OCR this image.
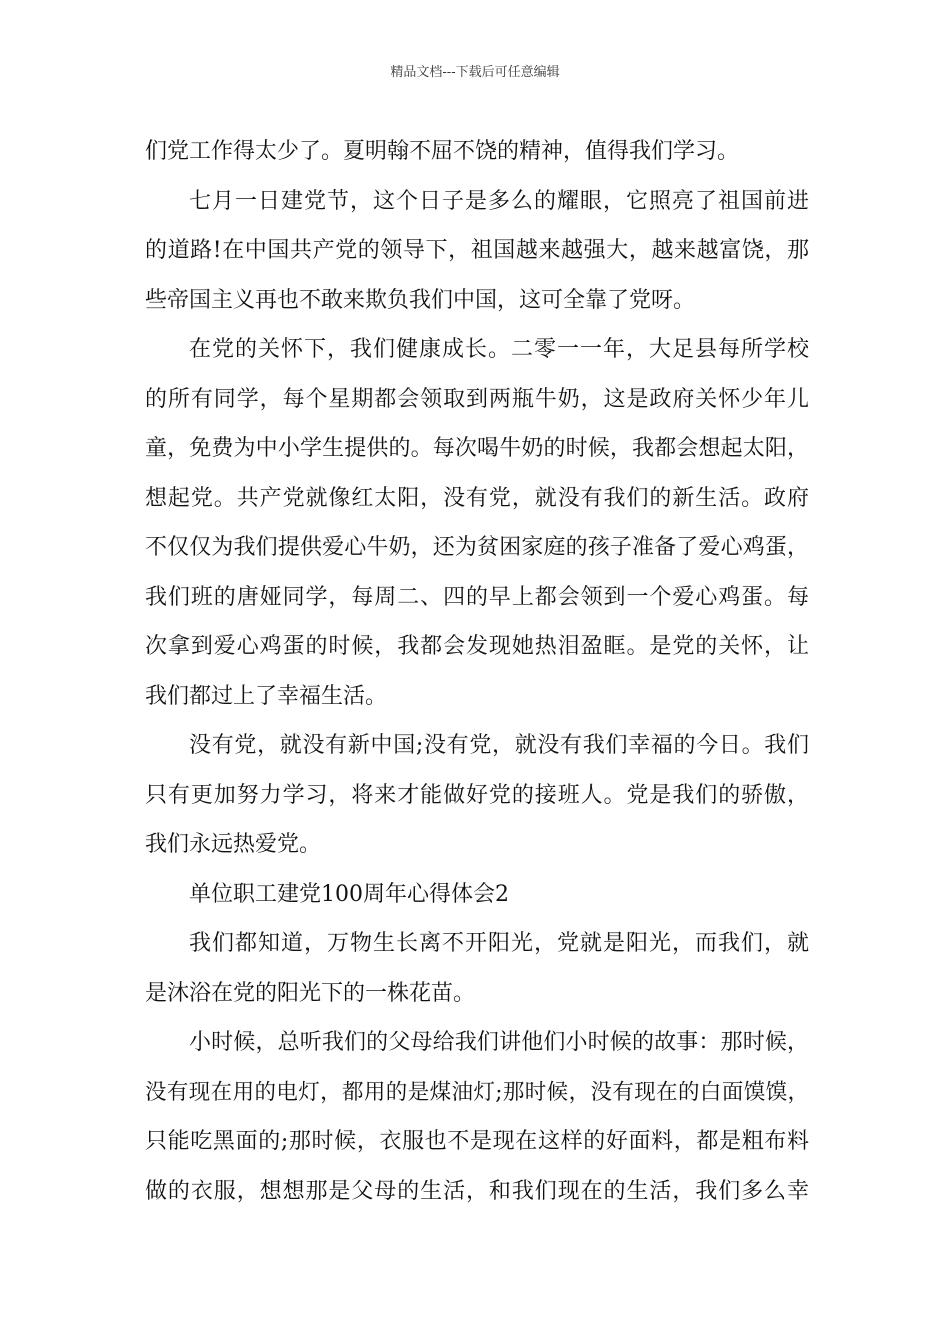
精品文档---下载后可任意编辑
们党工作得太少了。夏明翰不屈不饶的精神，值得我们学习。
七月一日建党节，这个日子是多么的耀眼，它照亮了祖国前进
的道路!在中国共产党的领导下，祖国越来越强大，越来越富饶，那
些帝国主义再也不敢来欺负我们中国，这可全靠了党呀。
在党的关怀下，我们健康成长。二零一一年，大足县每所学校
的所有同学，每个星期都会领取到两瓶牛奶，这是政府关怀少年儿
童，免费为中小学生提供的。每次喝牛奶的时候，我都会想起太阳，
想起党。共产党就像红太阳，没有党，就没有我们的新生活。政府
不仅仅为我们提供爱心牛奶，还为贫困家庭的孩子准备了爱心鸡蛋，
我们班的唐娅同学，每周二、四的早上都会领到一个爱心鸡蛋。每
次拿到爱心鸡蛋的时候，我都会发现她热泪盈眶。是党的关怀，让
我们都过上了幸福生活。
没有党，就没有新中国;没有党，就没有我们幸福的今日。我们
只有更加努力学习，将来才能做好党的接班人。党是我们的骄傲，
我们永远热爱党。
单位职工建党100周年心得体会2
我们都知道，万物生长离不开阳光，党就是阳光，而我们，就
是沐浴在党的阳光下的一株花苗。
小时候，总听我们的父母给我们讲他们小时候的故事：那时候，
没有现在用的电灯，都用的是煤油灯;那时候，没有现在的白面馍馍，
只能吃黑面的;那时候，衣服也不是现在这样的好面料，都是粗布料
做的衣服，想想那是父母的生活，和我们现在的生活，我们多么幸
